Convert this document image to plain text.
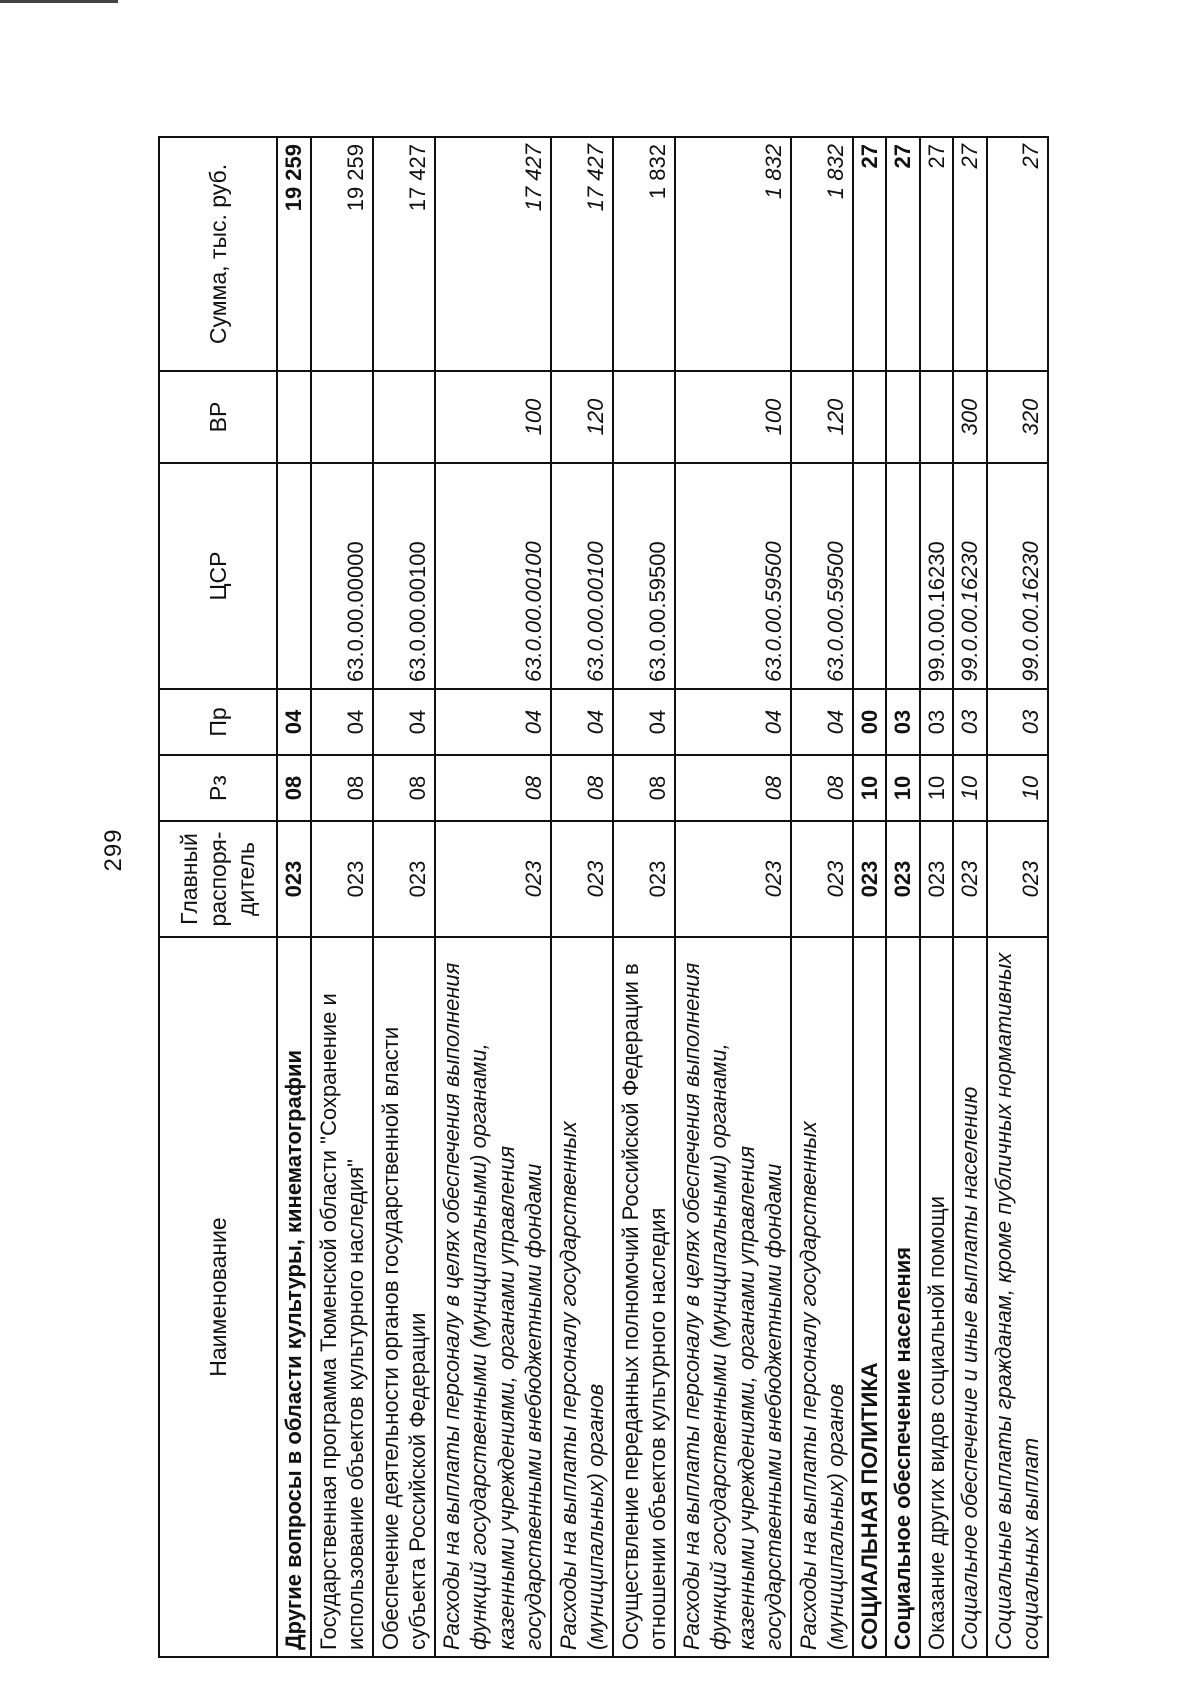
299
Наименование	Главный распоря-дитель	Рз	Пр	ЦСР	ВР	Сумма, тыс. руб.
Другие вопросы в области культуры, кинематографии	023	08	04			19 259
Государственная программа Тюменской области "Сохранение и использование объектов культурного наследия"	023	08	04	63.0.00.00000		19 259
Обеспечение деятельности органов государственной власти субъекта Российской Федерации	023	08	04	63.0.00.00100		17 427
Расходы на выплаты персоналу в целях обеспечения выполнения функций государственными (муниципальными) органами, казенными учреждениями, органами управления государственными внебюджетными фондами	023	08	04	63.0.00.00100	100	17 427
Расходы на выплаты персоналу государственных (муниципальных) органов	023	08	04	63.0.00.00100	120	17 427
Осуществление переданных полномочий Российской Федерации в отношении объектов культурного наследия	023	08	04	63.0.00.59500		1 832
Расходы на выплаты персоналу в целях обеспечения выполнения функций государственными (муниципальными) органами, казенными учреждениями, органами управления государственными внебюджетными фондами	023	08	04	63.0.00.59500	100	1 832
Расходы на выплаты персоналу государственных (муниципальных) органов	023	08	04	63.0.00.59500	120	1 832
СОЦИАЛЬНАЯ ПОЛИТИКА	023	10	00			27
Социальное обеспечение населения	023	10	03			27
Оказание других видов социальной помощи	023	10	03	99.0.00.16230		27
Социальное обеспечение и иные выплаты населению	023	10	03	99.0.00.16230	300	27
Социальные выплаты гражданам, кроме публичных нормативных социальных выплат	023	10	03	99.0.00.16230	320	27
